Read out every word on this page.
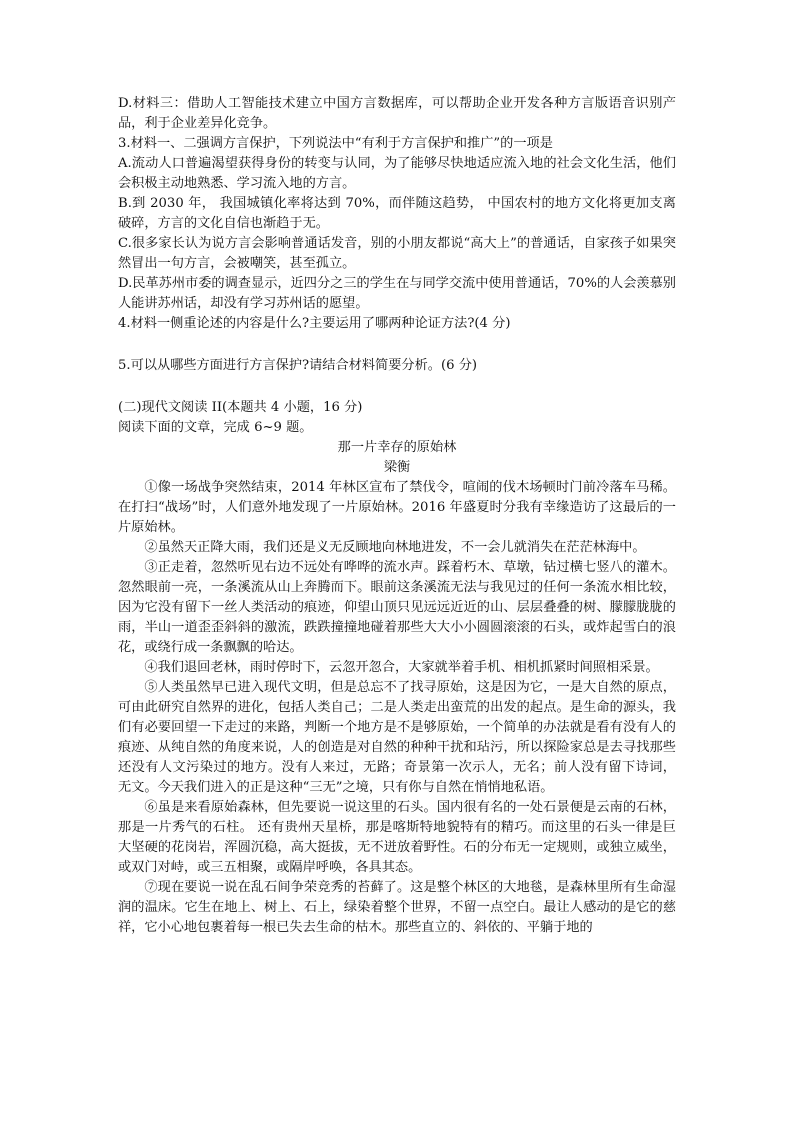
D.材料三：借助人工智能技术建立中国方言数据库，可以帮助企业开发各种方言版语音识别产品，利于企业差异化竞争。

3.材料一、二强调方言保护，下列说法中“有利于方言保护和推广”的一项是

A.流动人口普遍渴望获得身份的转变与认同，为了能够尽快地适应流入地的社会文化生活，他们会积极主动地熟悉、学习流入地的方言。

B.到 2030 年， 我国城镇化率将达到 70%，而伴随这趋势， 中国农村的地方文化将更加支离破碎，方言的文化自信也渐趋于无。

C.很多家长认为说方言会影响普通话发音，别的小朋友都说“高大上”的普通话，自家孩子如果突然冒出一句方言，会被嘲笑，甚至孤立。

D.民革苏州市委的调查显示，近四分之三的学生在与同学交流中使用普通话，70%的人会羡慕别人能讲苏州话，却没有学习苏州话的愿望。

4.材料一侧重论述的内容是什么?主要运用了哪两种论证方法?(4 分)

5.可以从哪些方面进行方言保护?请结合材料简要分析。(6 分)

(二)现代文阅读 II(本题共 4 小题，16 分)

阅读下面的文章，完成 6~9 题。

那一片幸存的原始林

梁衡

①像一场战争突然结束，2014 年林区宣布了禁伐令，喧闹的伐木场顿时门前冷落车马稀。在打扫“战场”时，人们意外地发现了一片原始林。2016 年盛夏时分我有幸缘造访了这最后的一片原始林。

②虽然天正降大雨，我们还是义无反顾地向林地进发，不一会儿就消失在茫茫林海中。

③正走着，忽然听见右边不远处有哗哗的流水声。踩着朽木、草墩，钻过横七竖八的灌木。忽然眼前一亮，一条溪流从山上奔腾而下。眼前这条溪流无法与我见过的任何一条流水相比较，因为它没有留下一丝人类活动的痕迹，仰望山顶只见远远近近的山、层层叠叠的树、朦朦胧胧的雨，半山一道歪歪斜斜的激流，跌跌撞撞地碰着那些大大小小圆圆滚滚的石头，或炸起雪白的浪花，或绕行成一条飘飘的哈达。

④我们退回老林，雨时停时下，云忽开忽合，大家就举着手机、相机抓紧时间照相采景。

⑤人类虽然早已进入现代文明，但是总忘不了找寻原始，这是因为它，一是大自然的原点，可由此研究自然界的进化，包括人类自己；二是人类走出蛮荒的出发的起点。是生命的源头，我们有必要回望一下走过的来路，判断一个地方是不是够原始，一个简单的办法就是看有没有人的痕迹、从纯自然的角度来说，人的创造是对自然的种种干扰和玷污，所以探险家总是去寻找那些还没有人文污染过的地方。没有人来过，无路；奇景第一次示人，无名；前人没有留下诗词， 无文。今天我们进入的正是这种“三无”之境，只有你与自然在悄悄地私语。

⑥虽是来看原始森林，但先要说一说这里的石头。国内很有名的一处石景便是云南的石林，那是一片秀气的石柱。 还有贵州天星桥，那是喀斯特地貌特有的精巧。而这里的石头一律是巨大坚硬的花岗岩，浑圆沉稳，高大挺拔，无不迸放着野性。石的分布无一定规则，或独立威坐，或双门对峙，或三五相聚，或隔岸呼唤，各具其态。

⑦现在要说一说在乱石间争荣竞秀的苔藓了。这是整个林区的大地毯，是森林里所有生命湿润的温床。它生在地上、树上、石上，绿染着整个世界，不留一点空白。最让人感动的是它的慈祥，它小心地包裹着每一根已失去生命的枯木。那些直立的、斜依的、平躺于地的
